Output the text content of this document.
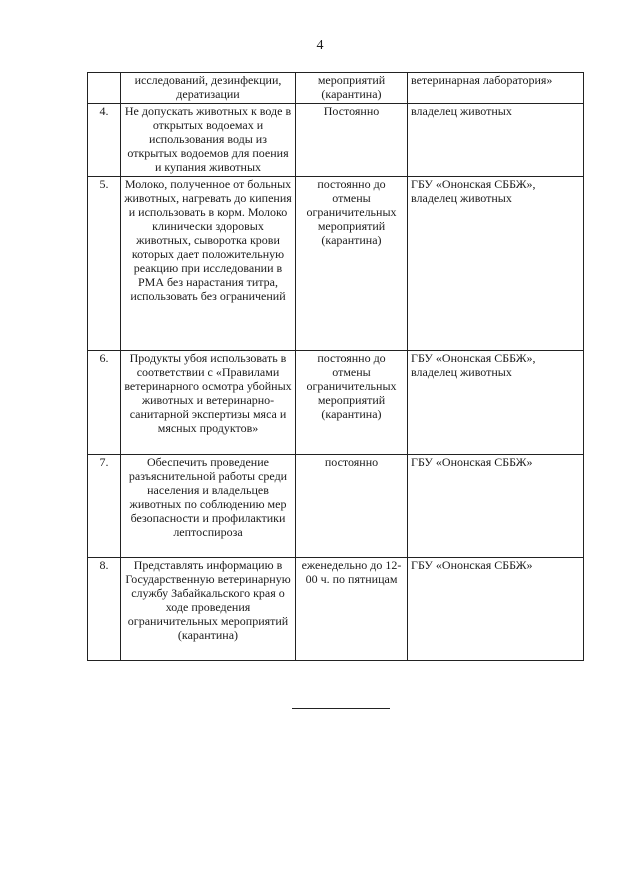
4
	исследований, дезинфекции, дератизации	мероприятий (карантина)	ветеринарная лаборатория»
4.	Не допускать животных к воде в открытых водоемах и использования воды из открытых водоемов для поения и купания животных	Постоянно	владелец животных
5.	Молоко, полученное от больных животных, нагревать до кипения и использовать в корм. Молоко клинически здоровых животных, сыворотка крови которых дает положительную реакцию при исследовании в РМА без нарастания титра, использовать без ограничений	постоянно до отмены ограничительных мероприятий (карантина)	ГБУ «Ононская СББЖ», владелец животных
6.	Продукты убоя использовать в соответствии с «Правилами ветеринарного осмотра убойных животных и ветеринарно-санитарной экспертизы мяса и мясных продуктов»	постоянно до отмены ограничительных мероприятий (карантина)	ГБУ «Ононская СББЖ», владелец животных
7.	Обеспечить проведение разъяснительной работы среди населения и владельцев животных по соблюдению мер безопасности и профилактики лептоспироза	постоянно	ГБУ «Ононская СББЖ»
8.	Представлять информацию в Государственную ветеринарную службу Забайкальского края о ходе проведения ограничительных мероприятий (карантина)	еженедельно до 12-00 ч. по пятницам	ГБУ «Ононская СББЖ»
